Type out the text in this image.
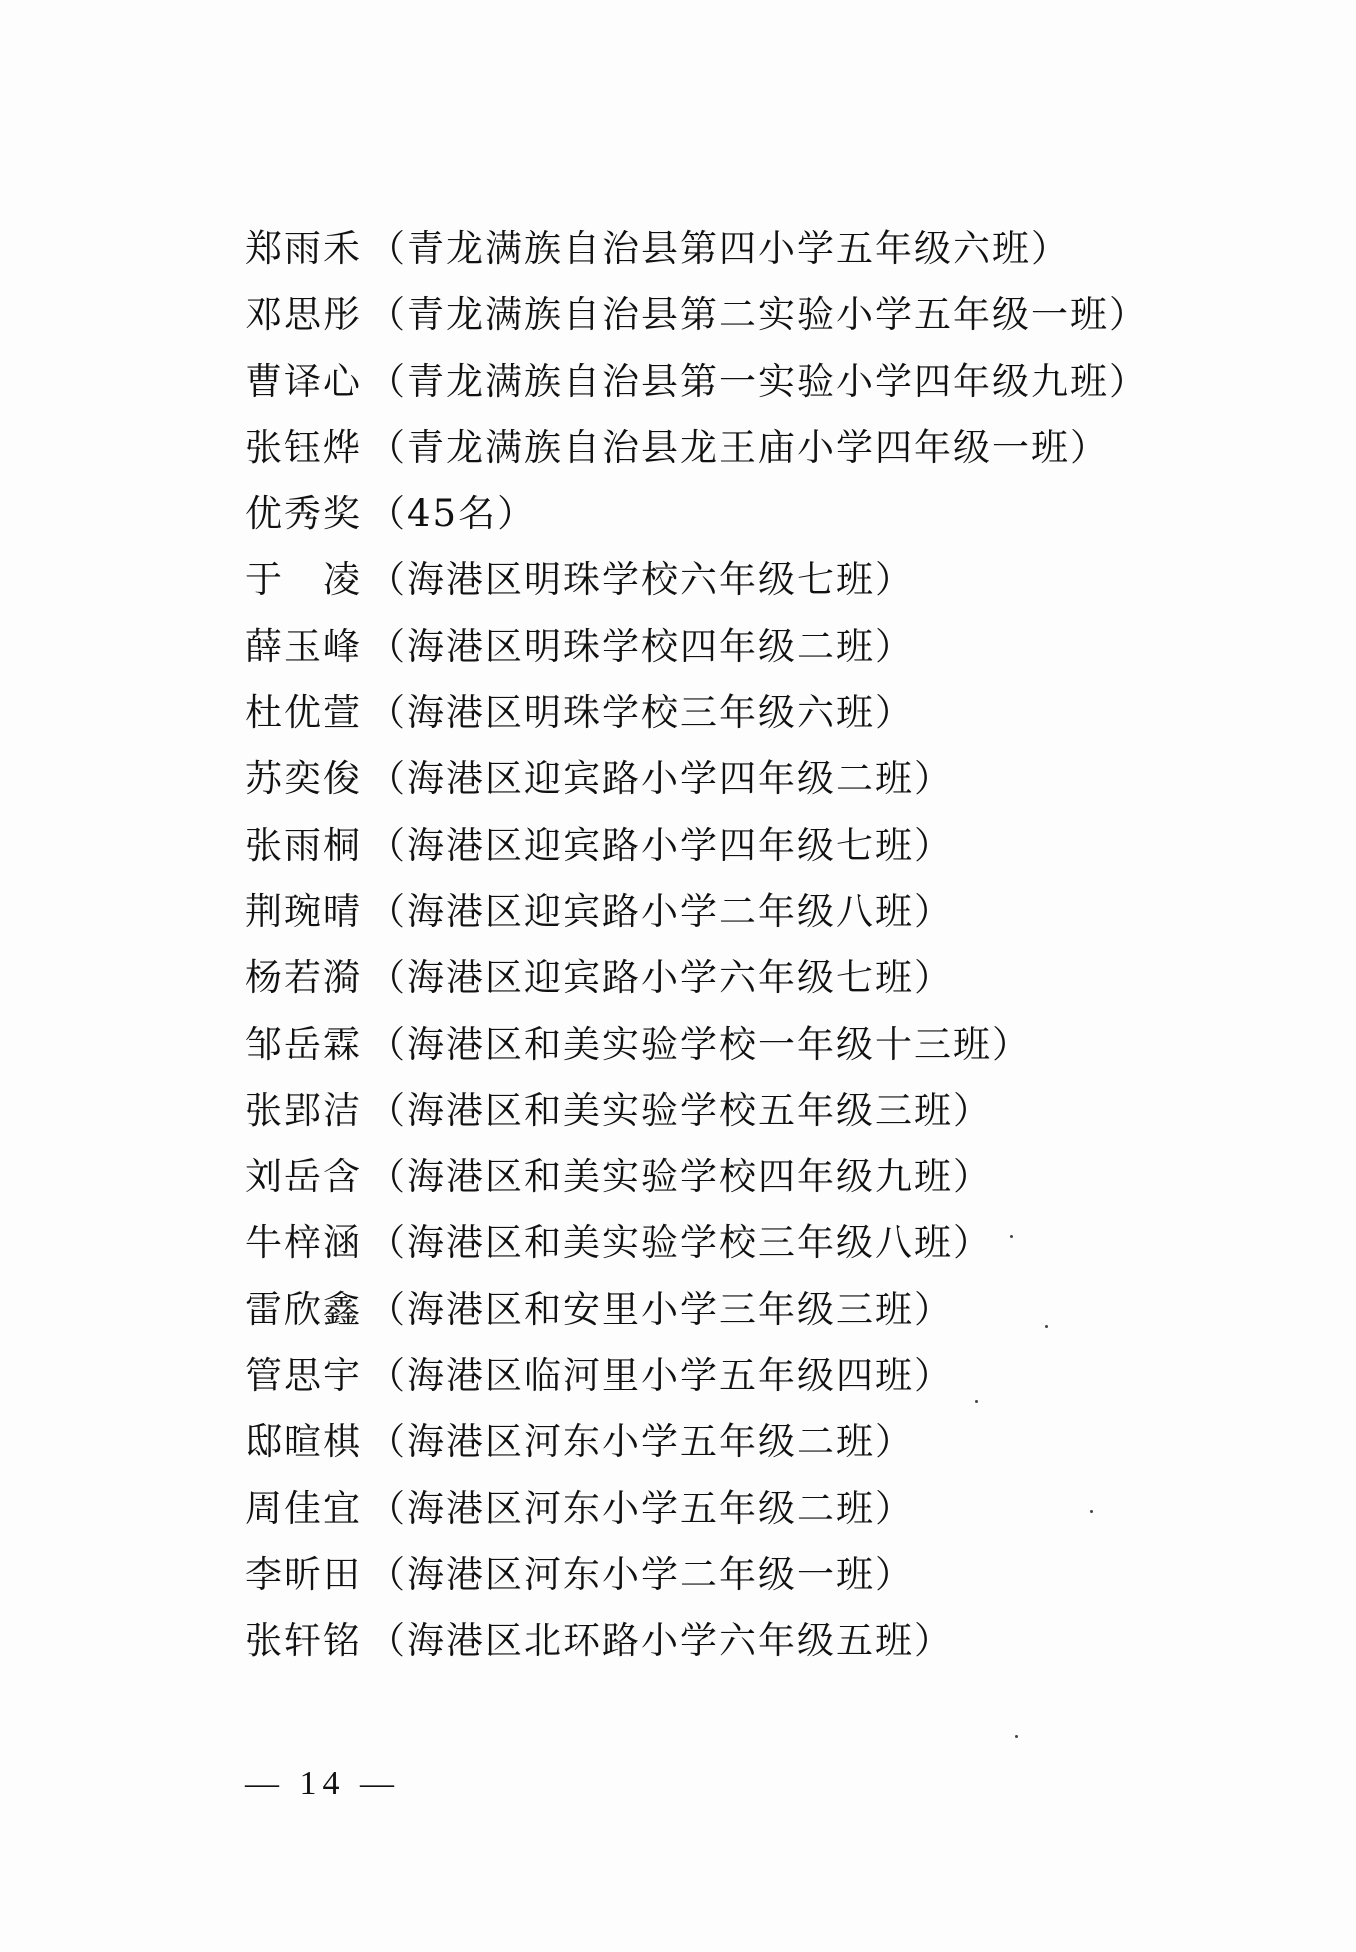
郑雨禾 （青龙满族自治县第四小学五年级六班）
邓思彤 （青龙满族自治县第二实验小学五年级一班）
曹译心 （青龙满族自治县第一实验小学四年级九班）
张钰烨 （青龙满族自治县龙王庙小学四年级一班）
优秀奖 （45名）
于　凌 （海港区明珠学校六年级七班）
薛玉峰 （海港区明珠学校四年级二班）
杜优萱 （海港区明珠学校三年级六班）
苏奕俊 （海港区迎宾路小学四年级二班）
张雨桐 （海港区迎宾路小学四年级七班）
荆琬晴 （海港区迎宾路小学二年级八班）
杨若漪 （海港区迎宾路小学六年级七班）
邹岳霖 （海港区和美实验学校一年级十三班）
张郢洁 （海港区和美实验学校五年级三班）
刘岳含 （海港区和美实验学校四年级九班）
牛梓涵 （海港区和美实验学校三年级八班）
雷欣鑫 （海港区和安里小学三年级三班）
管思宇 （海港区临河里小学五年级四班）
邸暄棋 （海港区河东小学五年级二班）
周佳宜 （海港区河东小学五年级二班）
李昕田 （海港区河东小学二年级一班）
张轩铭 （海港区北环路小学六年级五班）
— 14 —
